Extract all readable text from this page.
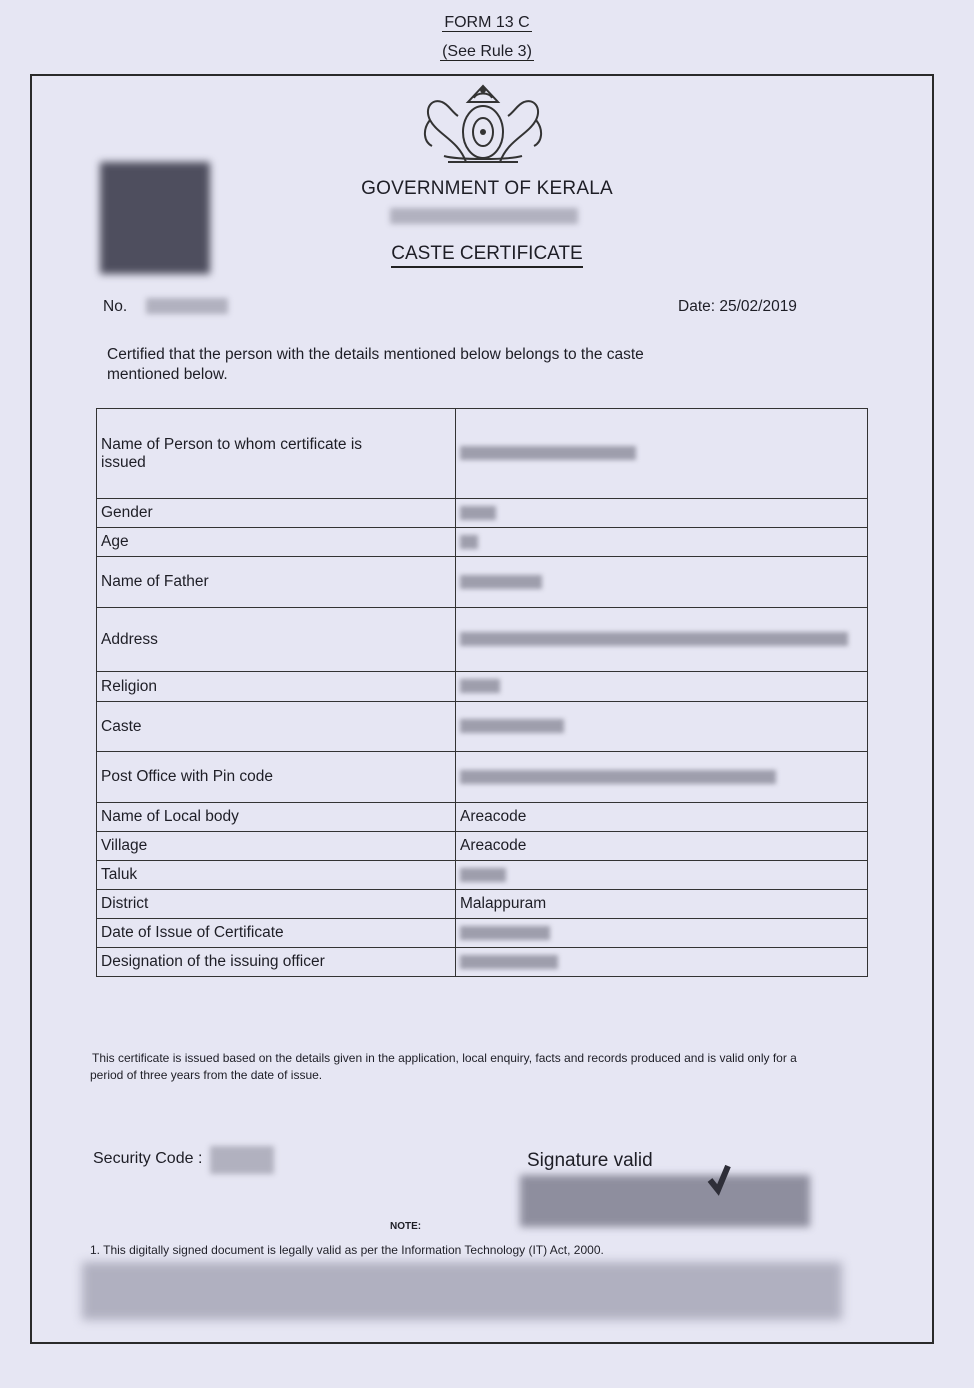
FORM 13 C
(See Rule 3)
GOVERNMENT OF KERALA
CASTE CERTIFICATE
No.	Date: 25/02/2019
Certified that the person with the details mentioned below belongs to the caste
mentioned below.
Name of Person to whom certificate is
issued	

Gender	
Age	
Name of Father	
Address	
Religion	
Caste	
Post Office with Pin code	
Name of Local body	Areacode
Village	Areacode
Taluk	
District	Malappuram
Date of Issue of Certificate	
Designation of the issuing officer	
This certificate is issued based on the details given in the application, local enquiry, facts and records produced and is valid only for a
period of three years from the date of issue.
Security Code :	Signature valid
NOTE:
1. This digitally signed document is legally valid as per the Information Technology (IT) Act, 2000.
